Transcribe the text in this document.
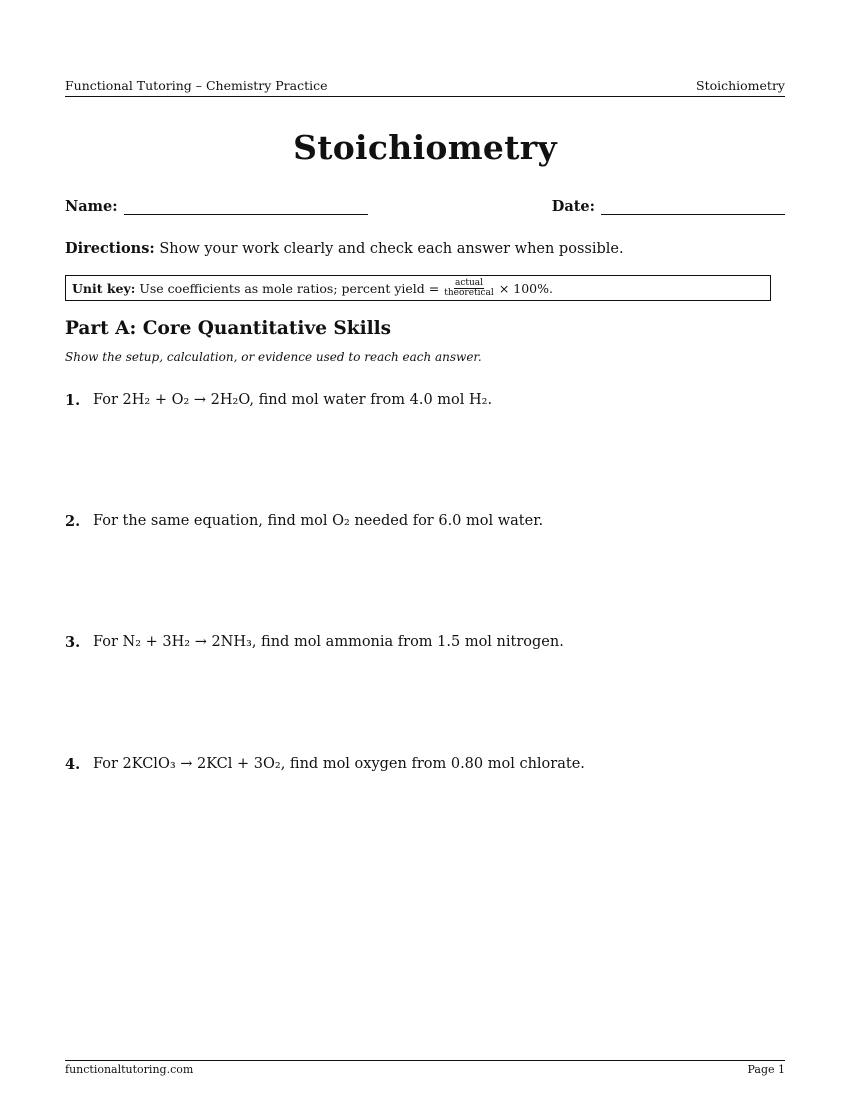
Functional Tutoring – Chemistry Practice	Stoichiometry
Stoichiometry
Name:	Date:
Directions: Show your work clearly and check each answer when possible.
Unit key: Use coefficients as mole ratios; percent yield = $\frac{\text{actual}}{\text{theoretical}} \times 100\%$.
Part A: Core Quantitative Skills
Show the setup, calculation, or evidence used to reach each answer.
1. For 2H₂ + O₂ → 2H₂O, find mol water from 4.0 mol H₂.
2. For the same equation, find mol O₂ needed for 6.0 mol water.
3. For N₂ + 3H₂ → 2NH₃, find mol ammonia from 1.5 mol nitrogen.
4. For 2KClO₃ → 2KCl + 3O₂, find mol oxygen from 0.80 mol chlorate.
functionaltutoring.com	Page 1
